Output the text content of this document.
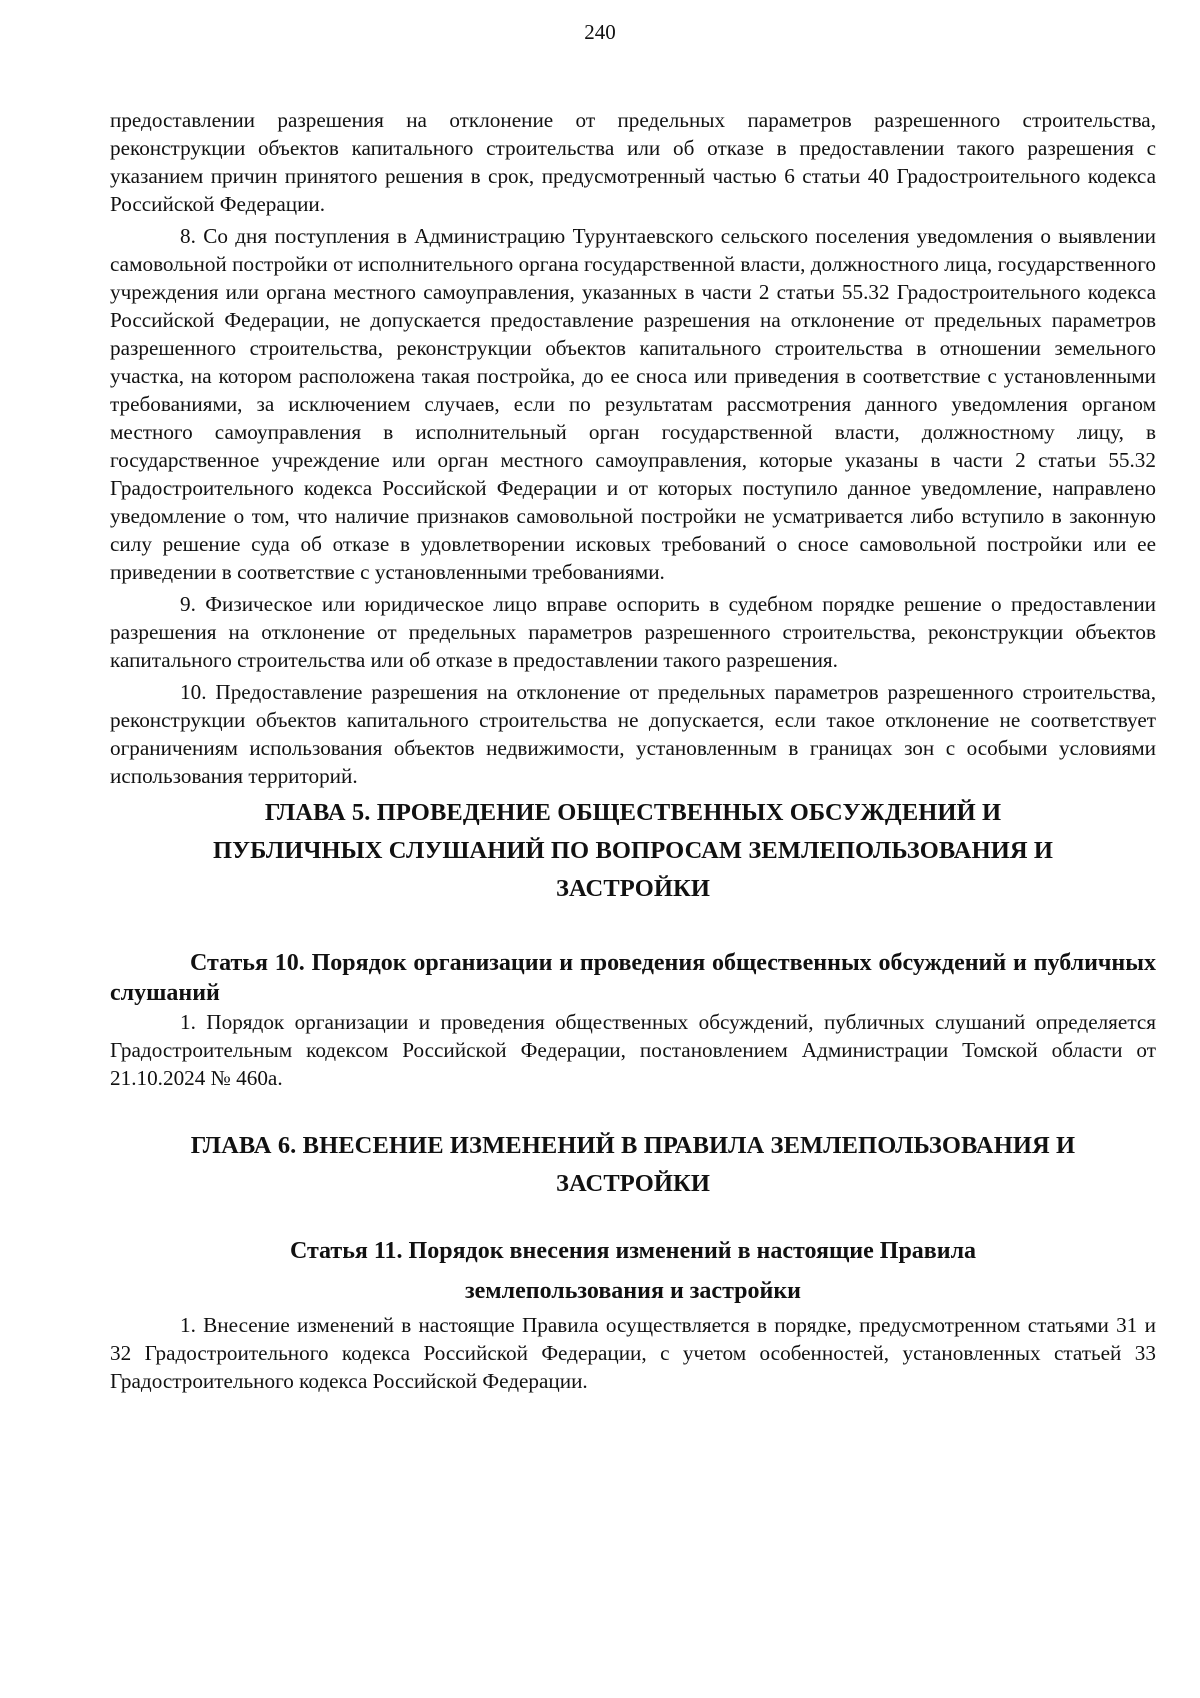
240

предоставлении разрешения на отклонение от предельных параметров разрешенного строительства, реконструкции объектов капитального строительства или об отказе в предоставлении такого разрешения с указанием причин принятого решения в срок, предусмотренный частью 6 статьи 40 Градостроительного кодекса Российской Федерации.

8. Со дня поступления в Администрацию Турунтаевского сельского поселения уведомления о выявлении самовольной постройки от исполнительного органа государственной власти, должностного лица, государственного учреждения или органа местного самоуправления, указанных в части 2 статьи 55.32 Градостроительного кодекса Российской Федерации, не допускается предоставление разрешения на отклонение от предельных параметров разрешенного строительства, реконструкции объектов капитального строительства в отношении земельного участка, на котором расположена такая постройка, до ее сноса или приведения в соответствие с установленными требованиями, за исключением случаев, если по результатам рассмотрения данного уведомления органом местного самоуправления в исполнительный орган государственной власти, должностному лицу, в государственное учреждение или орган местного самоуправления, которые указаны в части 2 статьи 55.32 Градостроительного кодекса Российской Федерации и от которых поступило данное уведомление, направлено уведомление о том, что наличие признаков самовольной постройки не усматривается либо вступило в законную силу решение суда об отказе в удовлетворении исковых требований о сносе самовольной постройки или ее приведении в соответствие с установленными требованиями.

9. Физическое или юридическое лицо вправе оспорить в судебном порядке решение о предоставлении разрешения на отклонение от предельных параметров разрешенного строительства, реконструкции объектов капитального строительства или об отказе в предоставлении такого разрешения.

10. Предоставление разрешения на отклонение от предельных параметров разрешенного строительства, реконструкции объектов капитального строительства не допускается, если такое отклонение не соответствует ограничениям использования объектов недвижимости, установленным в границах зон с особыми условиями использования территорий.

ГЛАВА 5. ПРОВЕДЕНИЕ ОБЩЕСТВЕННЫХ ОБСУЖДЕНИЙ И
ПУБЛИЧНЫХ СЛУШАНИЙ ПО ВОПРОСАМ ЗЕМЛЕПОЛЬЗОВАНИЯ И
ЗАСТРОЙКИ
Статья 10. Порядок организации и проведения общественных обсуждений и публичных слушаний

1. Порядок организации и проведения общественных обсуждений, публичных слушаний определяется Градостроительным кодексом Российской Федерации, постановлением Администрации Томской области от 21.10.2024 № 460а.

ГЛАВА 6. ВНЕСЕНИЕ ИЗМЕНЕНИЙ В ПРАВИЛА ЗЕМЛЕПОЛЬЗОВАНИЯ И
ЗАСТРОЙКИ
Статья 11. Порядок внесения изменений в настоящие Правила
землепользования и застройки

1. Внесение изменений в настоящие Правила осуществляется в порядке, предусмотренном статьями 31 и 32 Градостроительного кодекса Российской Федерации, с учетом особенностей, установленных статьей 33 Градостроительного кодекса Российской Федерации.
